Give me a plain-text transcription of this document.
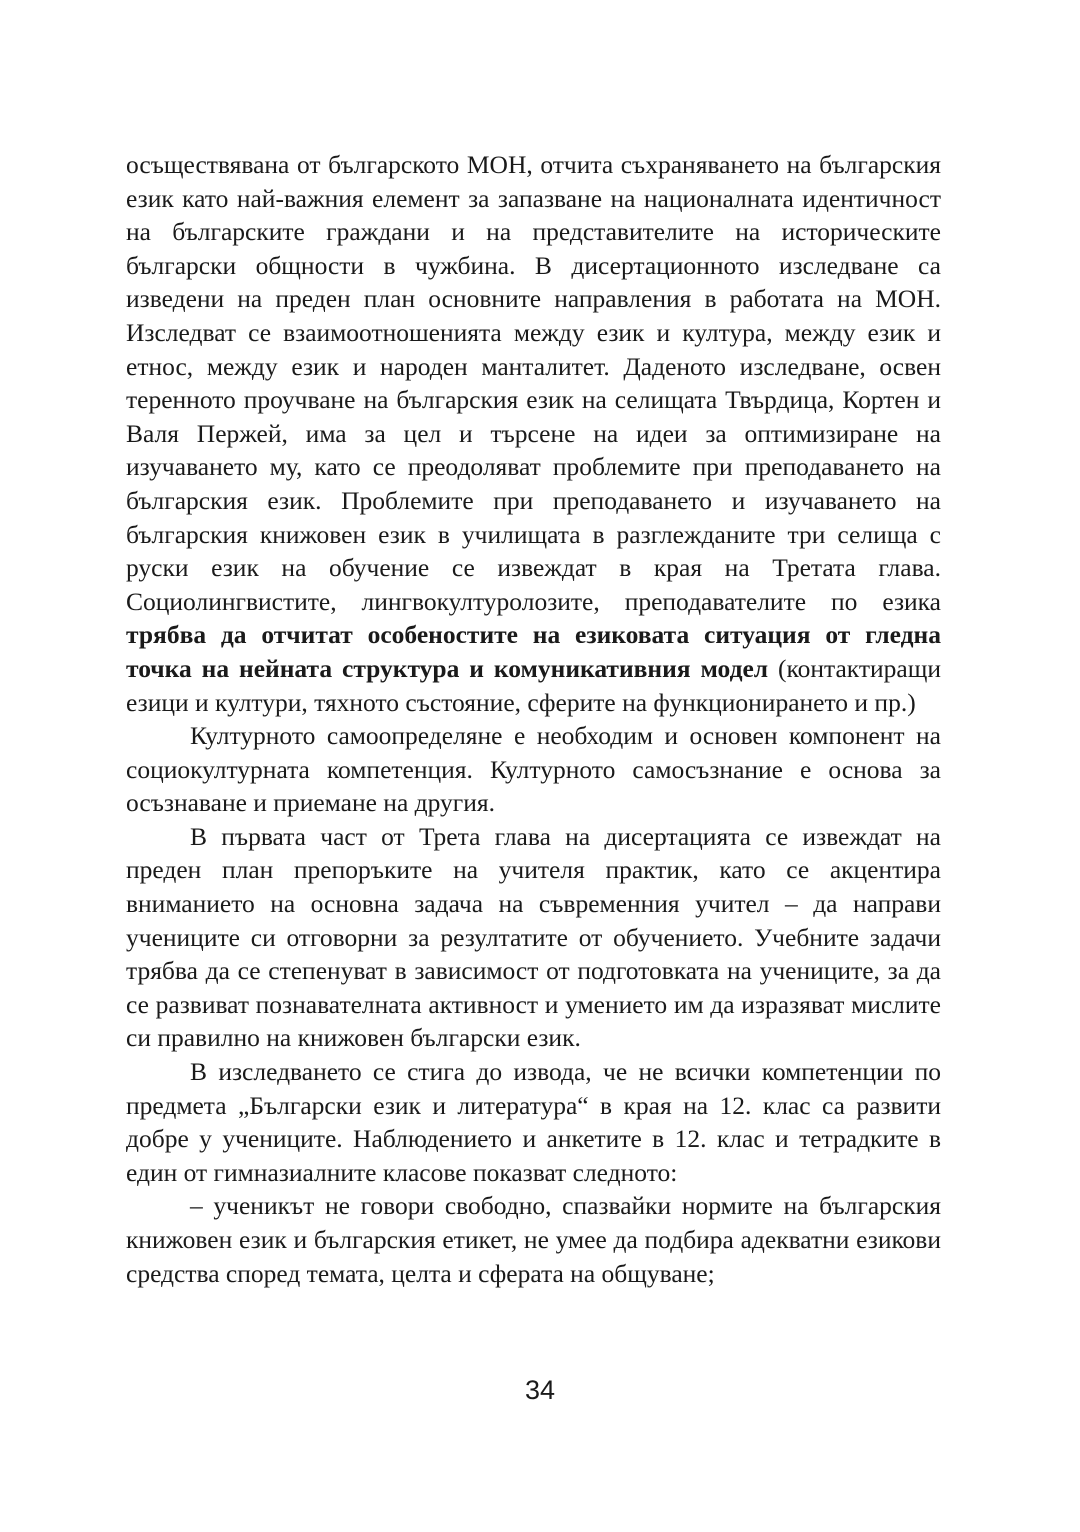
осъществявана от българското МОН, отчита съхраняването на българския език като най-важния елемент за запазване на националната идентичност на българските граждани и на представителите на историческите български общности в чужбина. В дисертационното изследване са изведени на преден план основните направления в работата на МОН. Изследват се взаимоотношенията между език и култура, между език и етнос, между език и народен манталитет. Даденото изследване, освен теренното проучване на българския език на селищата Твърдица, Кортен и Валя Пержей, има за цел и търсене на идеи за оптимизиране на изучаването му, като се преодоляват проблемите при преподаването на българския език. Проблемите при преподаването и изучаването на българския книжовен език в училищата в разглежданите три селища с руски език на обучение се извеждат в края на Третата глава. Социолингвистите, лингвокултуролозите, преподавателите по езика трябва да отчитат особеностите на езиковата ситуация от гледна точка на нейната структура и комуникативния модел (контактиращи езици и култури, тяхното състояние, сферите на функционирането и пр.)

Културното самоопределяне е необходим и основен компонент на социокултурната компетенция. Културното самосъзнание е основа за осъзнаване и приемане на другия.

В първата част от Трета глава на дисертацията се извеждат на преден план препоръките на учителя практик, като се акцентира вниманието на основна задача на съвременния учител – да направи учениците си отговорни за резултатите от обучението. Учебните задачи трябва да се степенуват в зависимост от подготовката на учениците, за да се развиват познавателната активност и умението им да изразяват мислите си правилно на книжовен български език.

В изследването се стига до извода, че не всички компетенции по предмета „Български език и литература“ в края на 12. клас са развити добре у учениците. Наблюдението и анкетите в 12. клас и тетрадките в един от гимназиалните класове показват следното:

– ученикът не говори свободно, спазвайки нормите на българския книжовен език и българския етикет, не умее да подбира адекватни езикови средства според темата, целта и сферата на общуване;

34
